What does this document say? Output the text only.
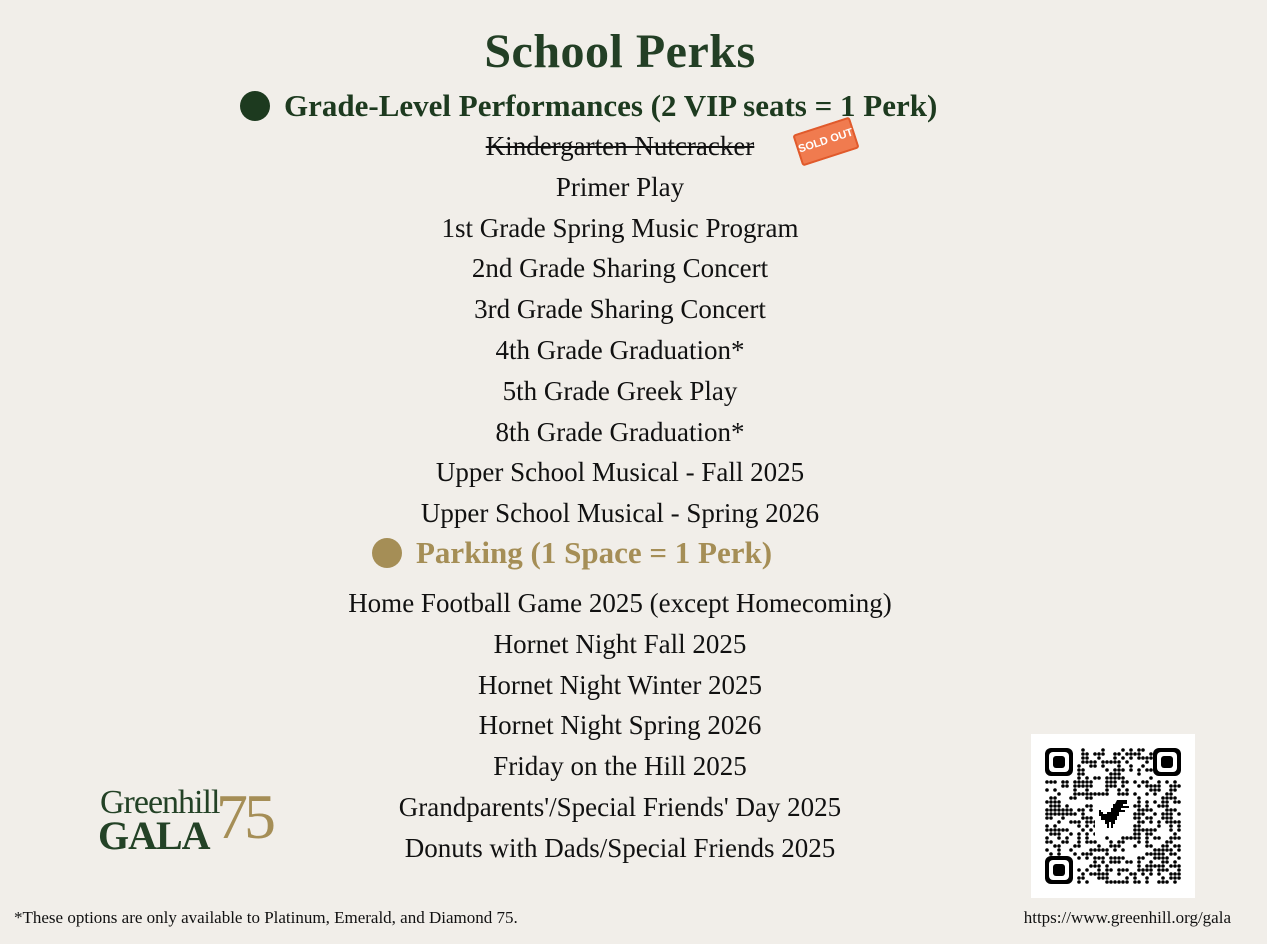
School Perks
Grade-Level Performances (2 VIP seats = 1 Perk)
Kindergarten Nutcracker	SOLD OUT
Primer Play
1st Grade Spring Music Program
2nd Grade Sharing Concert
3rd Grade Sharing Concert
4th Grade Graduation*
5th Grade Greek Play
8th Grade Graduation*
Upper School Musical - Fall 2025
Upper School Musical - Spring 2026
Parking (1 Space = 1 Perk)
Home Football Game 2025 (except Homecoming)
Hornet Night Fall 2025
Hornet Night Winter 2025
Hornet Night Spring 2026
Friday on the Hill 2025
Grandparents'/Special Friends' Day 2025
Donuts with Dads/Special Friends 2025
Greenhill
GALA 75
*These options are only available to Platinum, Emerald, and Diamond 75.	https://www.greenhill.org/gala
